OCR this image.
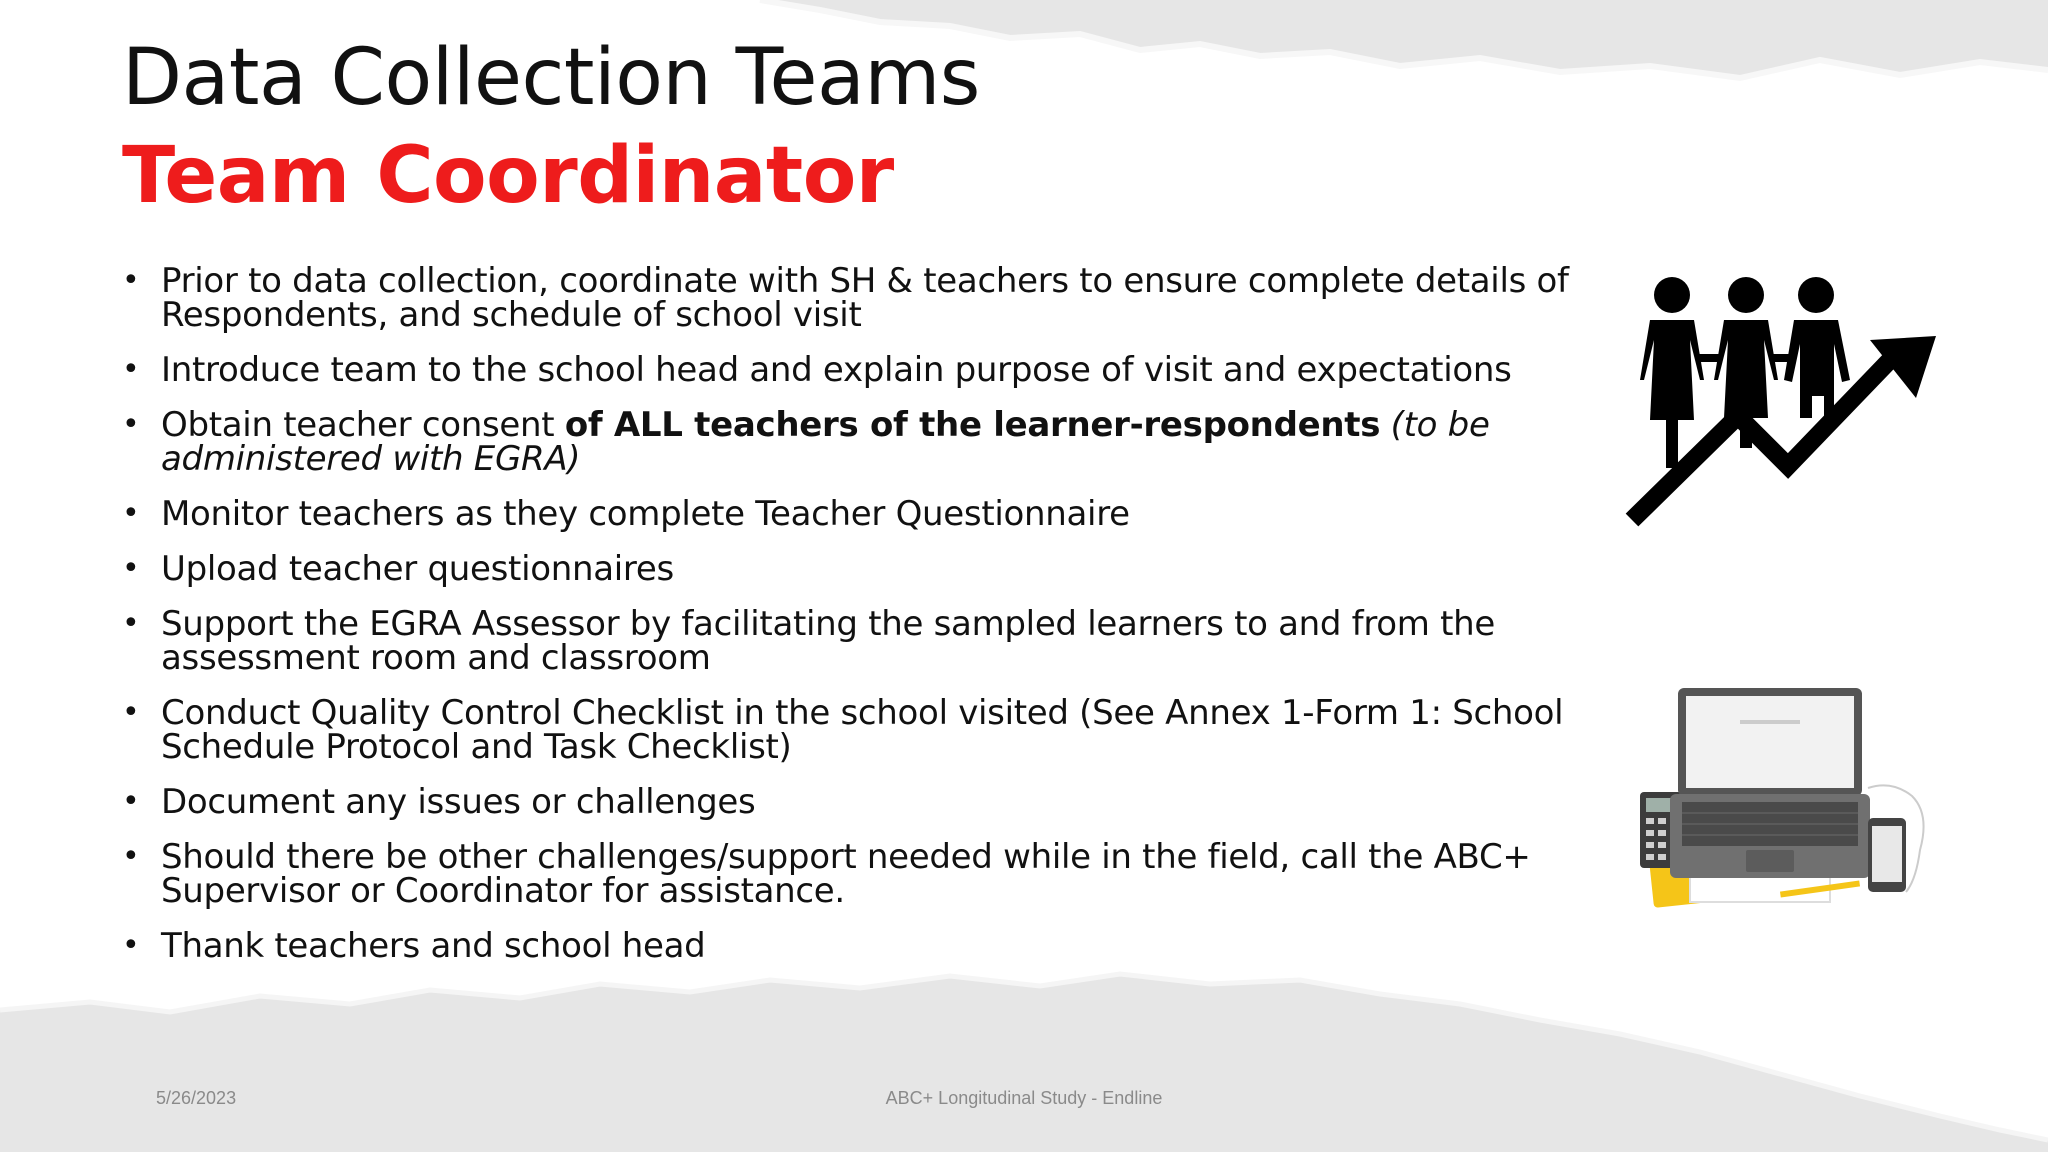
Data Collection Teams
Team Coordinator
• Prior to data collection, coordinate with SH & teachers to ensure complete details of Respondents, and schedule of school visit
• Introduce team to the school head and explain purpose of visit and expectations
• Obtain teacher consent of ALL teachers of the learner-respondents (to be administered with EGRA)
• Monitor teachers as they complete Teacher Questionnaire
• Upload teacher questionnaires
• Support the EGRA Assessor by facilitating the sampled learners to and from the assessment room and classroom
• Conduct Quality Control Checklist in the school visited (See Annex 1-Form 1: School Schedule Protocol and Task Checklist)
• Document any issues or challenges
• Should there be other challenges/support needed while in the field, call the ABC+ Supervisor or Coordinator for assistance.
• Thank teachers and school head
5/26/2023	ABC+ Longitudinal Study - Endline
